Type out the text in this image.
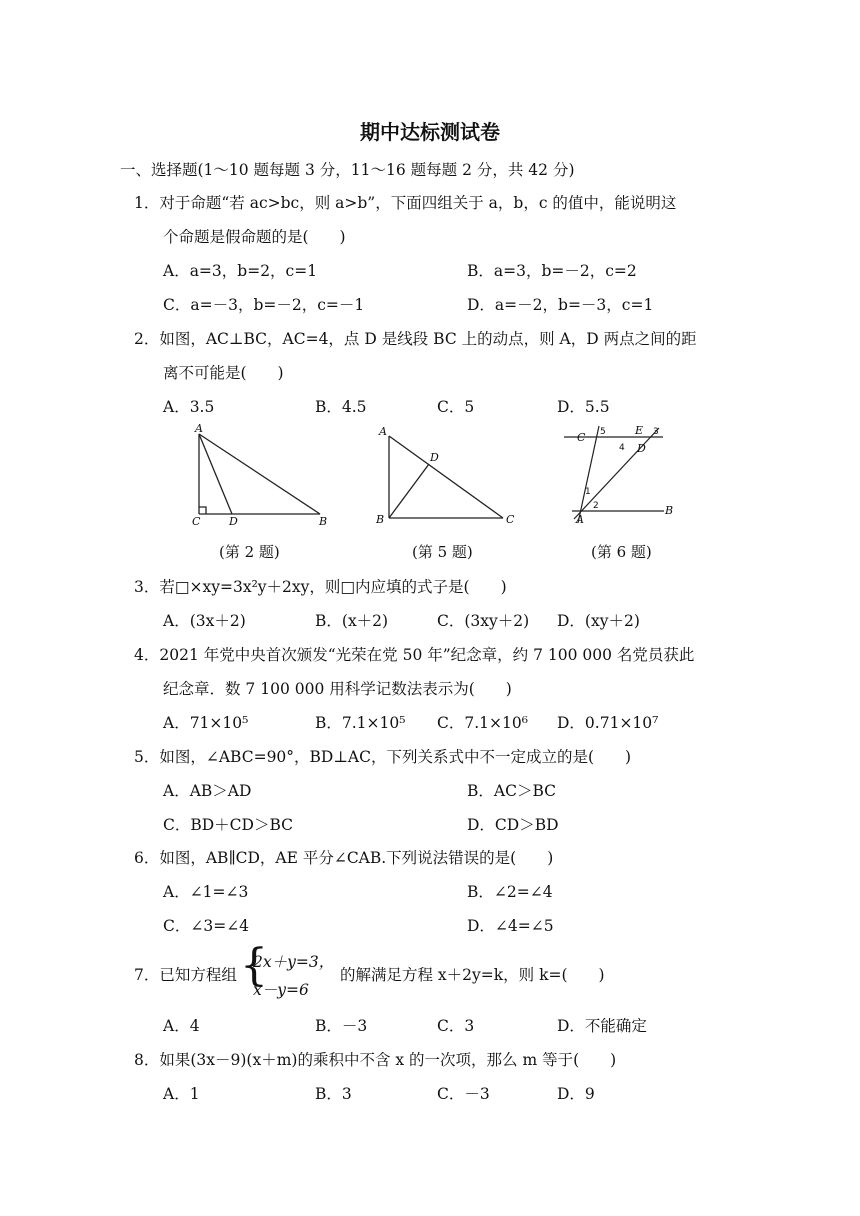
期中达标测试卷
一、选择题(1～10 题每题 3 分，11～16 题每题 2 分，共 42 分)
1．对于命题“若 ac>bc，则 a>b”，下面四组关于 a，b，c 的值中，能说明这
个命题是假命题的是(　　)
A．a=3，b=2，c=1	B．a=3，b=－2，c=2
C．a=－3，b=－2，c=－1	D．a=－2，b=－3，c=1
2．如图，AC⊥BC，AC=4，点 D 是线段 BC 上的动点，则 A，D 两点之间的距
离不可能是(　　)
A．3.5	B．4.5	C．5	D．5.5
A
C	D	B
(第 2 题)
A
D
B	C
(第 5 题)
C
D
E
A
B
1
2
3
4
5
(第 6 题)
3．若□×xy=3x²y＋2xy，则□内应填的式子是(　　)
A．(3x＋2)	B．(x＋2)	C．(3xy＋2) D．(xy＋2)
4．2021 年党中央首次颁发“光荣在党 50 年”纪念章，约 7 100 000 名党员获此
纪念章．数 7 100 000 用科学记数法表示为(　　)
A．71×10⁵	B．7.1×10⁵ C．7.1×10⁶ D．0.71×10⁷
5．如图，∠ABC=90°，BD⊥AC，下列关系式中不一定成立的是(　　)
A．AB＞AD	B．AC＞BC
C．BD＋CD＞BC	D．CD＞BD
6．如图，AB∥CD，AE 平分∠CAB.下列说法错误的是(　　)
A．∠1=∠3	B．∠2=∠4
C．∠3=∠4	D．∠4=∠5
7．已知方程组 {
2x＋y=3，
x－y=6
的解满足方程 x＋2y=k，则 k=(　　)
A．4	B．－3	C．3	D．不能确定
8．如果(3x－9)(x＋m)的乘积中不含 x 的一次项，那么 m 等于(　　)
A．1	B．3	C．－3	D．9
